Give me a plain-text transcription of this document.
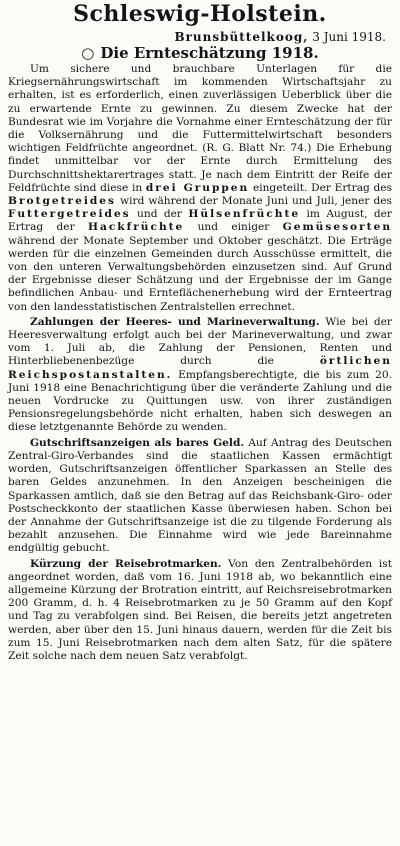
Schleswig-Holstein.
Brunsbüttelkoog, 3 Juni 1918.
○ Die Ernteschätzung 1918.

Um sichere und brauchbare Unterlagen für die Kriegsernährungswirtschaft im kommenden Wirtschaftsjahr zu erhalten, ist es erforderlich, einen zuverlässigen Ueberblick über die zu erwartende Ernte zu gewinnen. Zu diesem Zwecke hat der Bundesrat wie im Vorjahre die Vornahme einer Ernteschätzung der für die Volksernährung und die Futtermittelwirtschaft besonders wichtigen Feldfrüchte angeordnet. (R. G. Blatt Nr. 74.) Die Erhebung findet unmittelbar vor der Ernte durch Ermittelung des Durchschnittshektarertrages statt. Je nach dem Eintritt der Reife der Feldfrüchte sind diese in drei Gruppen eingeteilt. Der Ertrag des Brotgetreides wird während der Monate Juni und Juli, jener des Futtergetreides und der Hülsenfrüchte im August, der Ertrag der Hackfrüchte und einiger Gemüsesorten während der Monate September und Oktober geschätzt. Die Erträge werden für die einzelnen Gemeinden durch Ausschüsse ermittelt, die von den unteren Verwaltungsbehörden einzusetzen sind. Auf Grund der Ergebnisse dieser Schätzung und der Ergebnisse der im Gange befindlichen Anbau- und Ernteflächenerhebung wird der Ernteertrag von den landesstatistischen Zentralstellen errechnet.

Zahlungen der Heeres- und Marineverwaltung. Wie bei der Heeresverwaltung erfolgt auch bei der Marineverwaltung, und zwar vom 1. Juli ab, die Zahlung der Pensionen, Renten und Hinterbliebenenbezüge durch die	örtlichen Reichspostanstalten. Empfangsberechtigte, die bis zum 20. Juni 1918 eine Benachrichtigung über die veränderte Zahlung und die neuen Vordrucke zu Quittungen usw. von ihrer zuständigen Pensionsregelungsbehörde nicht erhalten, haben sich deswegen an diese letztgenannte Behörde zu wenden.

Gutschriftsanzeigen als bares Geld. Auf Antrag des Deutschen Zentral-Giro-Verbandes sind die staatlichen Kassen ermächtigt worden, Gutschriftsanzeigen öffentlicher Sparkassen an Stelle des baren Geldes anzunehmen. In den Anzeigen bescheinigen die Sparkassen amtlich, daß sie den Betrag auf das Reichsbank-Giro- oder Postscheckkonto der staatlichen Kasse überwiesen haben. Schon bei der Annahme der Gutschriftsanzeige ist die zu tilgende Forderung als bezahlt anzusehen. Die Einnahme wird wie jede Bareinnahme endgültig gebucht.

Kürzung der Reisebrotmarken. Von den Zentralbehörden ist angeordnet worden, daß vom 16. Juni 1918 ab, wo bekanntlich eine allgemeine Kürzung der Brotration eintritt, auf Reichsreisebrotmarken 200 Gramm, d. h. 4 Reisebrotmarken zu je 50 Gramm auf den Kopf und Tag zu verabfolgen sind. Bei Reisen, die bereits jetzt angetreten werden, aber über den 15. Juni hinaus dauern, werden für die Zeit bis zum 15. Juni Reisebrotmarken nach dem alten Satz, für die spätere Zeit solche nach dem neuen Satz verabfolgt.
